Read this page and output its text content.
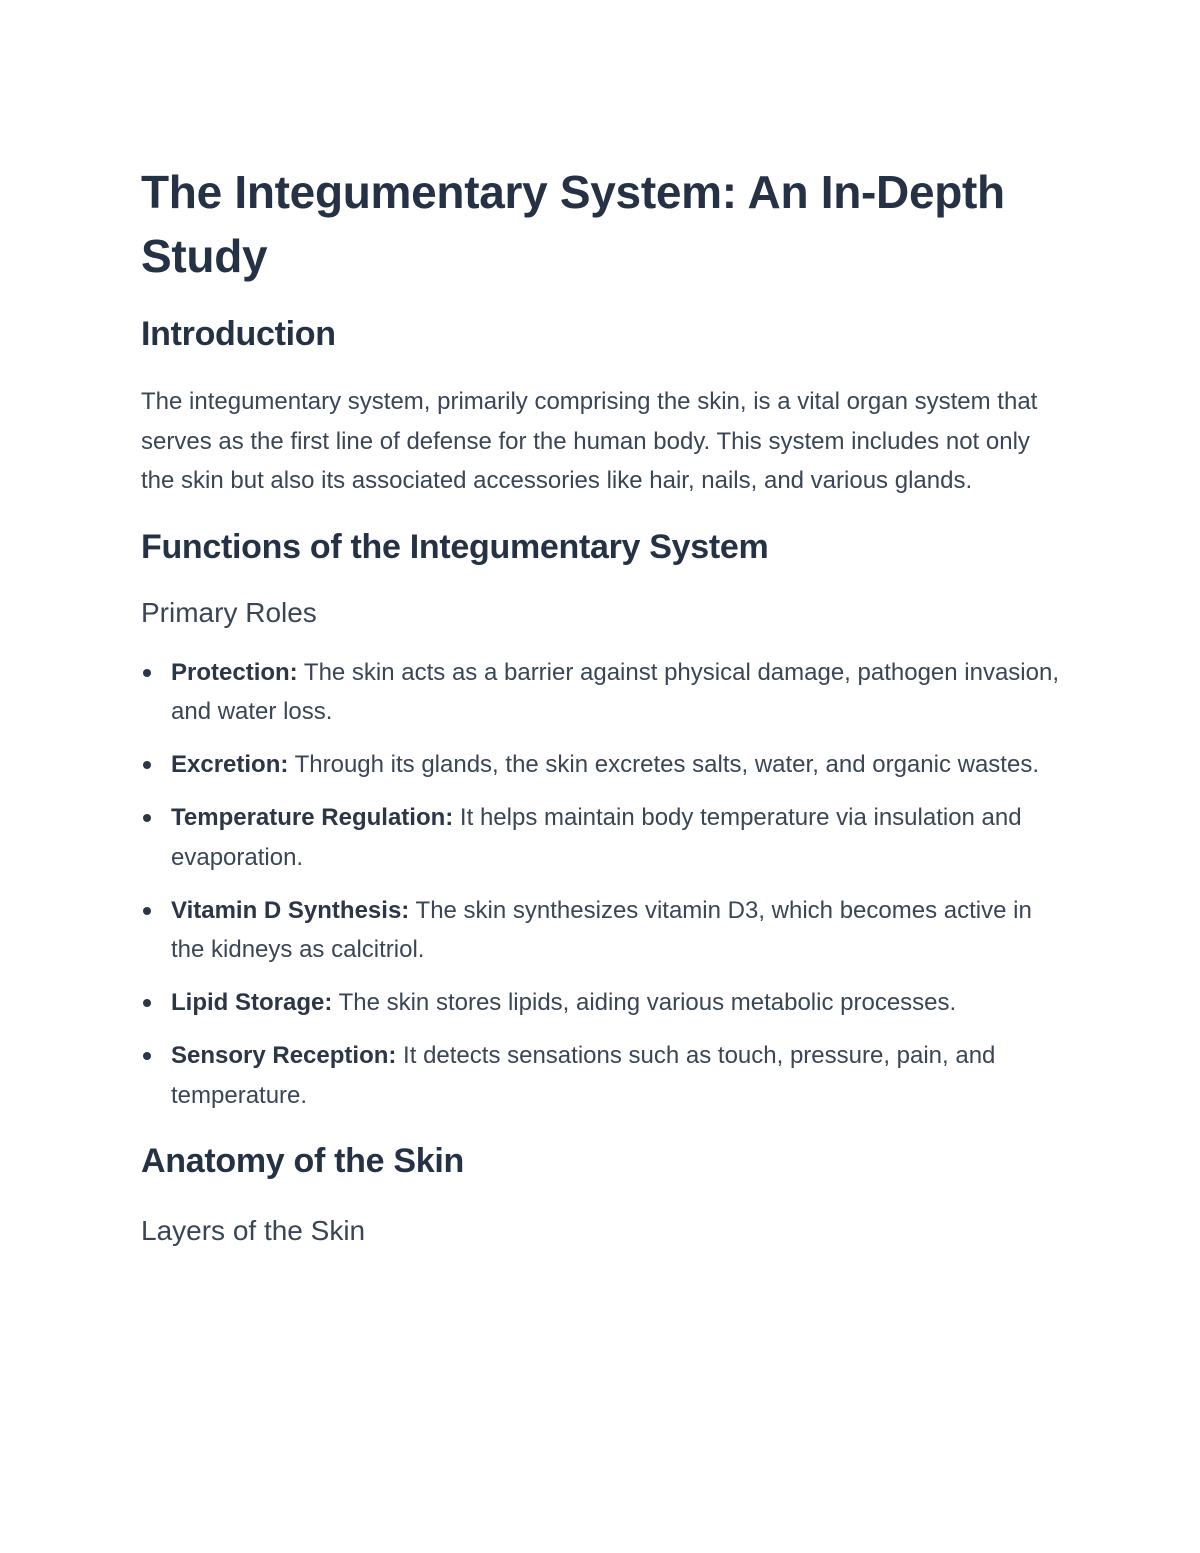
The Integumentary System: An In-Depth Study
Introduction

The integumentary system, primarily comprising the skin, is a vital organ system that serves as the first line of defense for the human body. This system includes not only the skin but also its associated accessories like hair, nails, and various glands.

Functions of the Integumentary System
Primary Roles
Protection: The skin acts as a barrier against physical damage, pathogen invasion, and water loss.
Excretion: Through its glands, the skin excretes salts, water, and organic wastes.
Temperature Regulation: It helps maintain body temperature via insulation and evaporation.
Vitamin D Synthesis: The skin synthesizes vitamin D3, which becomes active in the kidneys as calcitriol.
Lipid Storage: The skin stores lipids, aiding various metabolic processes.
Sensory Reception: It detects sensations such as touch, pressure, pain, and temperature.
Anatomy of the Skin
Layers of the Skin
